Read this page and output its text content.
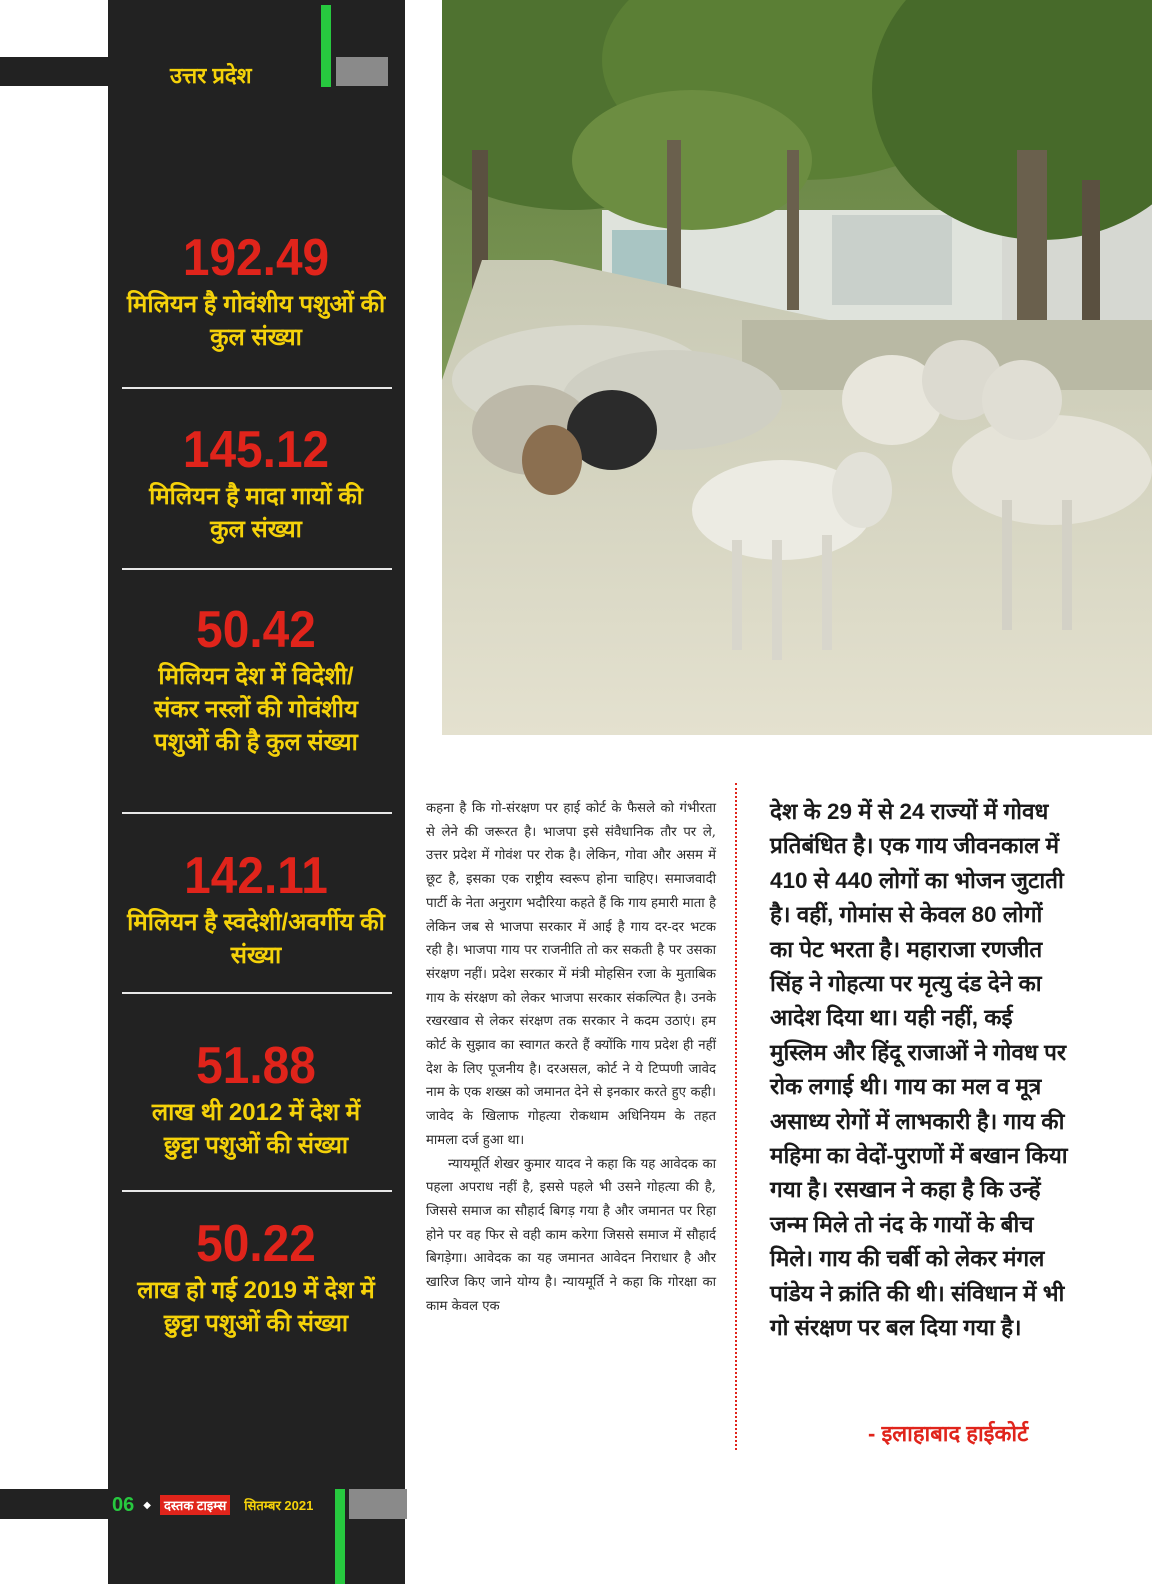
उत्तर प्रदेश
192.49
मिलियन है गोवंशीय पशुओं की कुल संख्या
145.12
मिलियन है मादा गायों की कुल संख्या
50.42
मिलियन देश में विदेशी/संकर नस्लों की गोवंशीय पशुओं की है कुल संख्या
142.11
मिलियन है स्वदेशी/अवर्गीय की संख्या
51.88
लाख थी 2012 में देश में छुट्टा पशुओं की संख्या
50.22
लाख हो गई 2019 में देश में छुट्टा पशुओं की संख्या

कहना है कि गो-संरक्षण पर हाई कोर्ट के फैसले को गंभीरता से लेने की जरूरत है। भाजपा इसे संवैधानिक तौर पर ले, उत्तर प्रदेश में गोवंश पर रोक है। लेकिन, गोवा और असम में छूट है, इसका एक राष्ट्रीय स्वरूप होना चाहिए। समाजवादी पार्टी के नेता अनुराग भदौरिया कहते हैं कि गाय हमारी माता है लेकिन जब से भाजपा सरकार में आई है गाय दर-दर भटक रही है। भाजपा गाय पर राजनीति तो कर सकती है पर उसका संरक्षण नहीं। प्रदेश सरकार में मंत्री मोहसिन रजा के मुताबिक गाय के संरक्षण को लेकर भाजपा सरकार संकल्पित है। उनके रखरखाव से लेकर संरक्षण तक सरकार ने कदम उठाएं। हम कोर्ट के सुझाव का स्वागत करते हैं क्योंकि गाय प्रदेश ही नहीं देश के लिए पूजनीय है। दरअसल, कोर्ट ने ये टिप्पणी जावेद नाम के एक शख्स को जमानत देने से इनकार करते हुए कही। जावेद के खिलाफ गोहत्या रोकथाम अधिनियम के तहत मामला दर्ज हुआ था।

न्यायमूर्ति शेखर कुमार यादव ने कहा कि यह आवेदक का पहला अपराध नहीं है, इससे पहले भी उसने गोहत्या की है, जिससे समाज का सौहार्द बिगड़ गया है और जमानत पर रिहा होने पर वह फिर से वही काम करेगा जिससे समाज में सौहार्द बिगड़ेगा। आवेदक का यह जमानत आवेदन निराधार है और खारिज किए जाने योग्य है। न्यायमूर्ति ने कहा कि गोरक्षा का काम केवल एक

देश के 29 में से 24 राज्यों में गोवध प्रतिबंधित है। एक गाय जीवनकाल में 410 से 440 लोगों का भोजन जुटाती है। वहीं, गोमांस से केवल 80 लोगों का पेट भरता है। महाराजा रणजीत सिंह ने गोहत्या पर मृत्यु दंड देने का आदेश दिया था। यही नहीं, कई मुस्लिम और हिंदू राजाओं ने गोवध पर रोक लगाई थी। गाय का मल व मूत्र असाध्य रोगों में लाभकारी है। गाय की महिमा का वेदों-पुराणों में बखान किया गया है। रसखान ने कहा है कि उन्हें जन्म मिले तो नंद के गायों के बीच मिले। गाय की चर्बी को लेकर मंगल पांडेय ने क्रांति की थी। संविधान में भी गो संरक्षण पर बल दिया गया है।
- इलाहाबाद हाईकोर्ट
06 ◆	दस्तक टाइम्स	सितम्बर 2021
